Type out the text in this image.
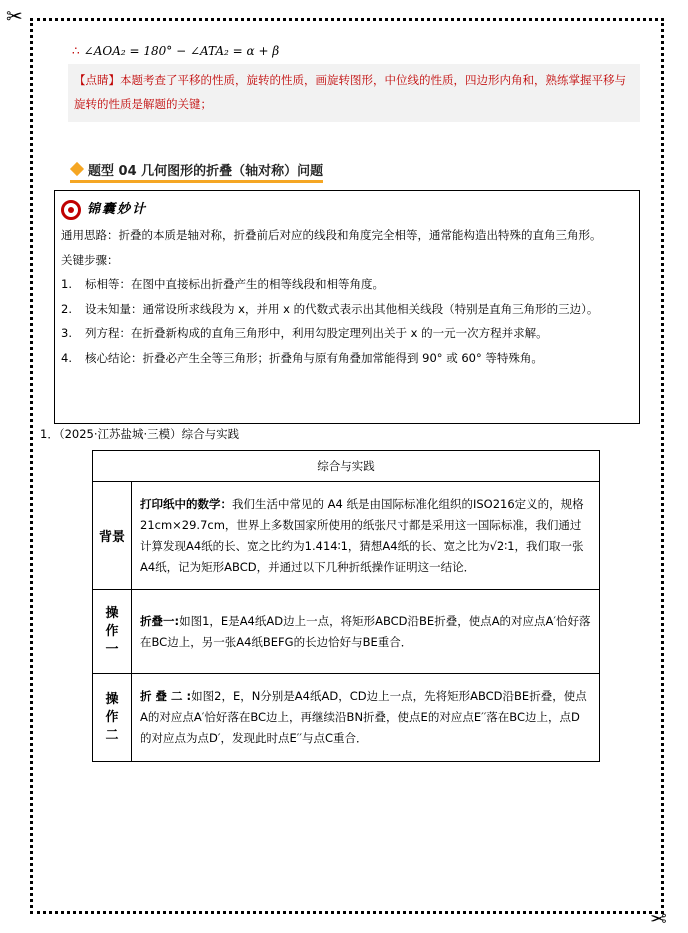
✂
✂
∴ ∠AOA₂ = 180° − ∠ATA₂ = α + β
【点睛】本题考查了平移的性质，旋转的性质，画旋转图形，中位线的性质，四边形内角和，熟练掌握平移与旋转的性质是解题的关键；
题型 04 几何图形的折叠（轴对称）问题
锦囊妙计

通用思路：折叠的本质是轴对称，折叠前后对应的线段和角度完全相等，通常能构造出特殊的直角三角形。

关键步骤：

1. 标相等：在图中直接标出折叠产生的相等线段和相等角度。

2. 设未知量：通常设所求线段为 x，并用 x 的代数式表示出其他相关线段（特别是直角三角形的三边）。

3. 列方程：在折叠新构成的直角三角形中，利用勾股定理列出关于 x 的一元一次方程并求解。

4. 核心结论：折叠必产生全等三角形；折叠角与原有角叠加常能得到 90° 或 60° 等特殊角。

1．（2025·江苏盐城·三模）综合与实践
综合与实践	
背景	打印纸中的数学：我们生活中常见的 A4 纸是由国际标准化组织的ISO216定义的，规格21cm×29.7cm，世界上多数国家所使用的纸张尺寸都是采用这一国际标准，我们通过计算发现A4纸的长、宽之比约为1.414∶1，猜想A4纸的长、宽之比为√2∶1，我们取一张A4纸，记为矩形ABCD，并通过以下几种折纸操作证明这一结论．

操
作
一	折叠一:如图1，E是A4纸AD边上一点，将矩形ABCD沿BE折叠，使点A的对应点A′恰好落在BC边上，另一张A4纸BEFG的长边恰好与BE重合．

操
作
二	折 叠 二 :如图2，E，N分别是A4纸AD，CD边上一点，先将矩形ABCD沿BE折叠，使点A的对应点A′恰好落在BC边上，再继续沿BN折叠，使点E的对应点E′′落在BC边上，点D的对应点为点D′，发现此时点E′′与点C重合．
